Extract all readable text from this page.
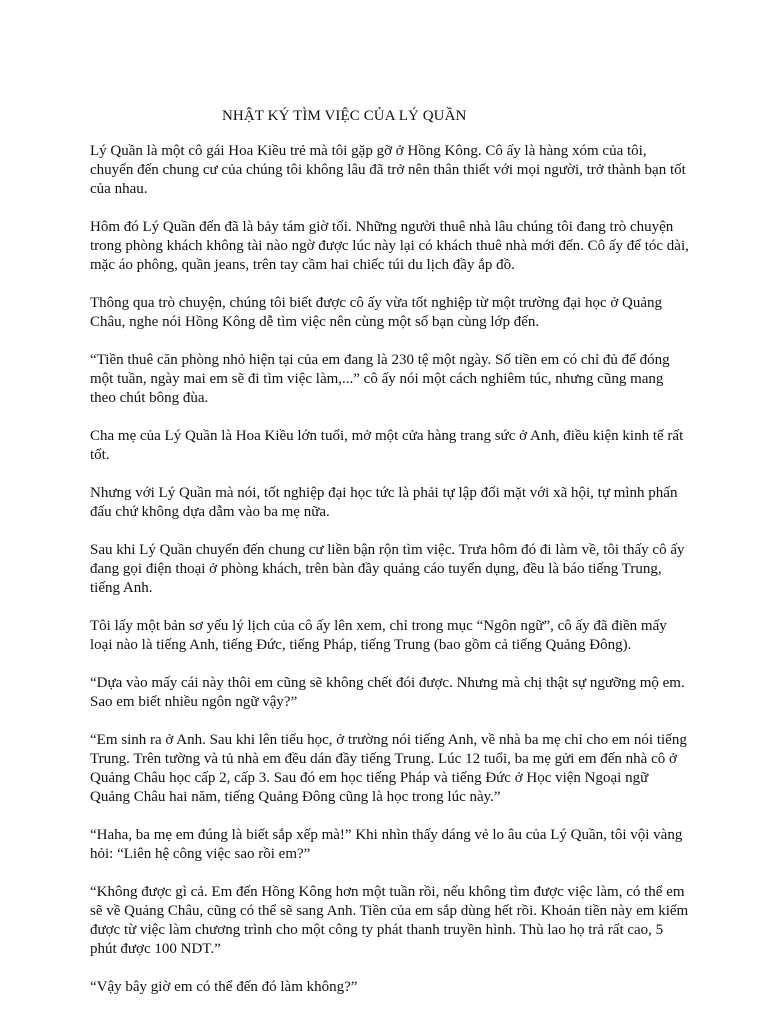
NHẬT KÝ TÌM VIỆC CỦA LÝ QUẦN

Lý Quần là một cô gái Hoa Kiều trẻ mà tôi gặp gỡ ở Hồng Kông. Cô ấy là hàng xóm của tôi, chuyển đến chung cư của chúng tôi không lâu đã trở nên thân thiết với mọi người, trở thành bạn tốt của nhau.

Hôm đó Lý Quần đến đã là bảy tám giờ tối. Những người thuê nhà lâu chúng tôi đang trò chuyện trong phòng khách không tài nào ngờ được lúc này lại có khách thuê nhà mới đến. Cô ấy để tóc dài, mặc áo phông, quần jeans, trên tay cầm hai chiếc túi du lịch đầy ắp đồ.

Thông qua trò chuyện, chúng tôi biết được cô ấy vừa tốt nghiệp từ một trường đại học ở Quảng Châu, nghe nói Hồng Kông dễ tìm việc nên cùng một số bạn cùng lớp đến.

“Tiền thuê căn phòng nhỏ hiện tại của em đang là 230 tệ một ngày. Số tiền em có chỉ đủ để đóng một tuần, ngày mai em sẽ đi tìm việc làm,...” cô ấy nói một cách nghiêm túc, nhưng cũng mang theo chút bông đùa.

Cha mẹ của Lý Quần là Hoa Kiều lớn tuổi, mở một cửa hàng trang sức ở Anh, điều kiện kinh tế rất tốt.

Nhưng với Lý Quần mà nói, tốt nghiệp đại học tức là phải tự lập đối mặt với xã hội, tự mình phấn đấu chứ không dựa dẫm vào ba mẹ nữa.

Sau khi Lý Quần chuyển đến chung cư liền bận rộn tìm việc. Trưa hôm đó đi làm về, tôi thấy cô ấy đang gọi điện thoại ở phòng khách, trên bàn đầy quảng cáo tuyển dụng, đều là báo tiếng Trung, tiếng Anh.

Tôi lấy một bản sơ yếu lý lịch của cô ấy lên xem, chỉ trong mục “Ngôn ngữ”, cô ấy đã điền mấy loại nào là tiếng Anh, tiếng Đức, tiếng Pháp, tiếng Trung (bao gồm cả tiếng Quảng Đông).

“Dựa vào mấy cái này thôi em cũng sẽ không chết đói được. Nhưng mà chị thật sự ngưỡng mộ em. Sao em biết nhiều ngôn ngữ vậy?”

“Em sinh ra ở Anh. Sau khi lên tiểu học, ở trường nói tiếng Anh, về nhà ba mẹ chỉ cho em nói tiếng Trung. Trên tường và tủ nhà em đều dán đầy tiếng Trung. Lúc 12 tuổi, ba mẹ gửi em đến nhà cô ở Quảng Châu học cấp 2, cấp 3. Sau đó em học tiếng Pháp và tiếng Đức ở Học viện Ngoại ngữ Quảng Châu hai năm, tiếng Quảng Đông cũng là học trong lúc này.”

“Haha, ba mẹ em đúng là biết sắp xếp mà!” Khi nhìn thấy dáng vẻ lo âu của Lý Quần, tôi vội vàng hỏi: “Liên hệ công việc sao rồi em?”

“Không được gì cả. Em đến Hồng Kông hơn một tuần rồi, nếu không tìm được việc làm, có thể em sẽ về Quảng Châu, cũng có thể sẽ sang Anh. Tiền của em sắp dùng hết rồi. Khoản tiền này em kiếm được từ việc làm chương trình cho một công ty phát thanh truyền hình. Thù lao họ trả rất cao, 5 phút được 100 NDT.”

“Vậy bây giờ em có thể đến đó làm không?”
